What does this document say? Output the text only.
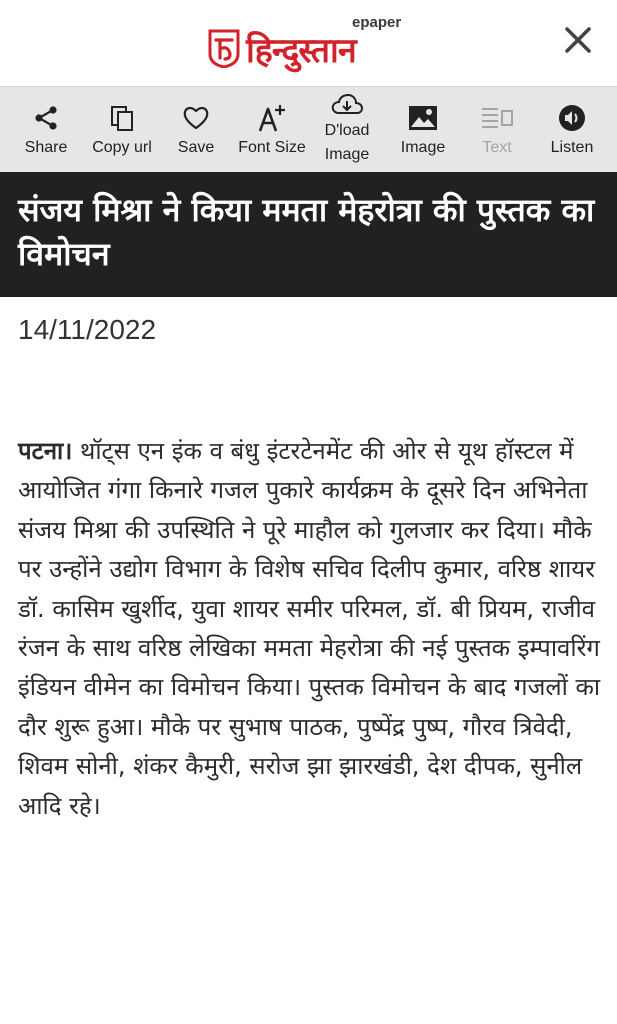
epaper
हिन्दुस्तान
Share Copy url Save Font Size
D'load
Image Image Text Listen
संजय मिश्रा ने किया ममता मेहरोत्रा की पुस्तक का विमोचन
14/11/2022
पटना। थॉट्स एन इंक व बंधु इंटरटेनमेंट की ओर से यूथ हॉस्टल में आयोजित गंगा किनारे गजल पुकारे कार्यक्रम के दूसरे दिन अभिनेता संजय मिश्रा की उपस्थिति ने पूरे माहौल को गुलजार कर दिया। मौके पर उन्होंने उद्योग विभाग के विशेष सचिव दिलीप कुमार, वरिष्ठ शायर डॉ. कासिम खुर्शीद, युवा शायर समीर परिमल, डॉ. बी प्रियम, राजीव रंजन के साथ वरिष्ठ लेखिका ममता मेहरोत्रा की नई पुस्तक इम्पावरिंग इंडियन वीमेन का विमोचन किया। पुस्तक विमोचन के बाद गजलों का दौर शुरू हुआ। मौके पर सुभाष पाठक, पुष्पेंद्र पुष्प, गौरव त्रिवेदी, शिवम सोनी, शंकर कैमुरी, सरोज झा झारखंडी, देश दीपक, सुनील आदि रहे।
